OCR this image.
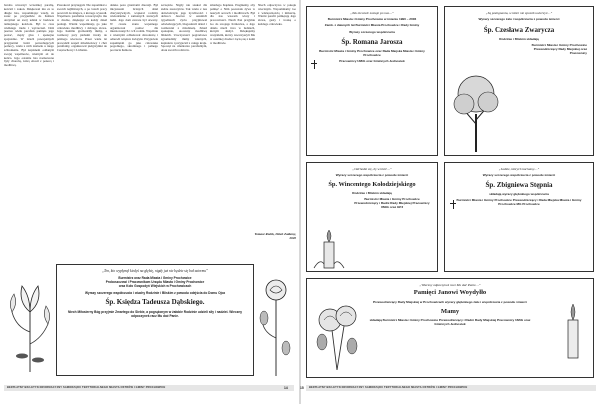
bardzo utworzył wcześniej parafię, kościół i zakon. Dziękował mu za to długie lata, wspominając wtedy, że zaraz po przyjeździe do Kalisza otrzymał on swój udział w budowie tamtejszego kościoła. Był to czas wielkiego trudu i wyrzeczeń. Dziś jeszcze wielu parafian pamięta jego postać, ciepły głos i spokojne spojrzenie. W latach powojennych przygarniał ludzi potrzebujących pomocy, wielu z nich znalazło u niego schronienie. Był kapłanem oddanym swojej wspólnocie, wiernym aż do końca. Jego ostatnie lata naznaczone były chorobą, którą znosił z pokorą i modlitwą.

Prorokowi przysięgali. Nie zapomniał o swoich najbliższych, a po latach pracy powrócił do miejsca, z którego wyszedł. Wspólnota parafialna towarzyszyła mu w drodze, dziękując za każdy dzień posługi. Wierni wspominają go jako człowieka modlitwy i dobrego słowa. Jego homilie gromadziły tłumy, a rozmowy przy plebanii trwały do późnego wieczoru. Przez wiele lat prowadził zespół młodzieżowy i chór parafialny, organizował pielgrzymki do Częstochowy i Lichenia.

daleko poza granicami diecezji. Był inicjatorem licznych dzieł charytatywnych, wspierał rodziny wielodzietne i samotnych starszych ludzi. Jego dom zawsze był otwarty. W czasie stanu wojennego organizował pomoc dla internowanych i ich rodzin. Wspólnie z wiernymi odbudował dzwonnicę i odnowił wnętrze świątyni. Przyjaciele zapamiętali go jako człowieka pogodnego, skromnego i pełnego poczucia humoru.

szczęście. Nigdy nie szukał dla siebie zaszczytów. Tak wielu z nas doświadczyło jego życzliwości i dobroci. Jeszcze w ostatnich tygodniach życia przyjmował odwiedzających, błogosławił dzieci i rozmawiał z młodzieżą. Zmarł spokojnie, otoczony modlitwą bliskich. Uroczystości pogrzebowe zgromadziły tłumy wiernych, kapłanów i przyjaciół z całego kraju. Spoczął na cmentarzu parafialnym, obok swoich rodziców.

zmarłego Kapłana. Pragniemy, aby pamięć o Nim pozostała żywa w naszych sercach i modlitwach. Był dla nas wzorem wiary i pracowitości. Niech Pan przyjmie Go do swojego Królestwa, a Jego dzieło niech trwa w ludziach, którym służył. Dziękujemy wszystkim, którzy towarzyszyli Mu w ostatniej drodze i łączą się z nami w modlitwie.

Niech odpoczywa w pokoju wiecznym. Wspominamy Go z wdzięcznością i miłością. Wierni parafii pamiętają Jego słowa, gesty i troskę o każdego człowieka.

Tomasz Rożek, Dzień Zadumy, 2020
„Ten, kto wypłynął kiedyś na głębię, nigdy już nie będzie się bał sztormu”
Burmistrz oraz Rada Miasta i Gminy Prochowice
Proboszczowi i Pracownikom Urzędu Miasta i Gminy Prochowice
oraz Koło Gospodyń Wiejskich w Prochowicach
Wyrazy szczerego współczucia i otuchy Rodzinie i Bliskim z powodu odejścia do Domu Ojca
Śp. Księdza Tadeusza Dąbskiego.
Niech Miłosierny Bóg przyjmie Zmarłego do Siebie, a pogrążonym w żałobie Rodzinie udzieli siły i nadziei. Wieczny odpoczynek racz Mu dać Panie.
BEZPŁATNY BIULETYN INFORMACYJNY SAMORZĄDU TERYTORIALNEGO MIASTA OSTRÓW I GMINY PROCHOWICE	14
„Tak niewiele zostaje po nas…”
Burmistrz Miasta i Gminy Prochowice w imieniu 1990 – 2006
Zamk. z dawnych lat Burmistrz Miasta Prochowice i Rady Gminy
Wyrazy szczerego współczucia
Śp. Romana Jarosza
Burmistrz Miasta i Gminy Prochowice oraz Rada Miejska Miasta i Gminy Prochowice
Pracownicy UMiG oraz Gminnych Jednostek
„Są pożegnania, w które nie sposób uwierzyć…”
Wyrazy szczerego żalu i współczucia z powodu śmierci
Śp. Czesława Zwaryczа
Rodzinie i Bliskim składają
Burmistrz Miasta i Gminy Prochowice Przewodniczący Rady Miejskiej oraz Pracownicy
„Odchodzi się, by wrócić…”
Wyrazy szczerego współczucia z powodu śmierci
Śp. Wincentego Kołodziejskiego
Rodzinie i Bliskim składają
Burmistrz Miasta i Gminy Prochowice Przewodniczący i Radni Rady Miejskiej Pracownicy UMiG oraz GPJ
„Ludzie, których kochamy…”
Wyrazy szczerego współczucia z powodu śmierci
Śp. Zbigniewa Stępnia
składają wyrazy głębokiego współczucia
Burmistrz Miasta i Gminy Prochowice Przewodniczący i Rada Miejska Miasta i Gminy Prochowice MG Prochowice
„Wieczny odpoczynek racz Mu dać Panie…”
Pamięci Janowi Woydyłło
Przewodniczący Rady Miejskiej w Prochowicach wyrazy głębokiego żalu i współczucia z powodu śmierci
Mamy
składają Burmistrz Miasta i Gminy Prochowice Przewodniczący i Radni Rady Miejskiej Pracownicy UMiG oraz Gminnych Jednostek
BEZPŁATNY BIULETYN INFORMACYJNY SAMORZĄDU TERYTORIALNEGO MIASTA OSTRÓW I GMINY PROCHOWICE
15
